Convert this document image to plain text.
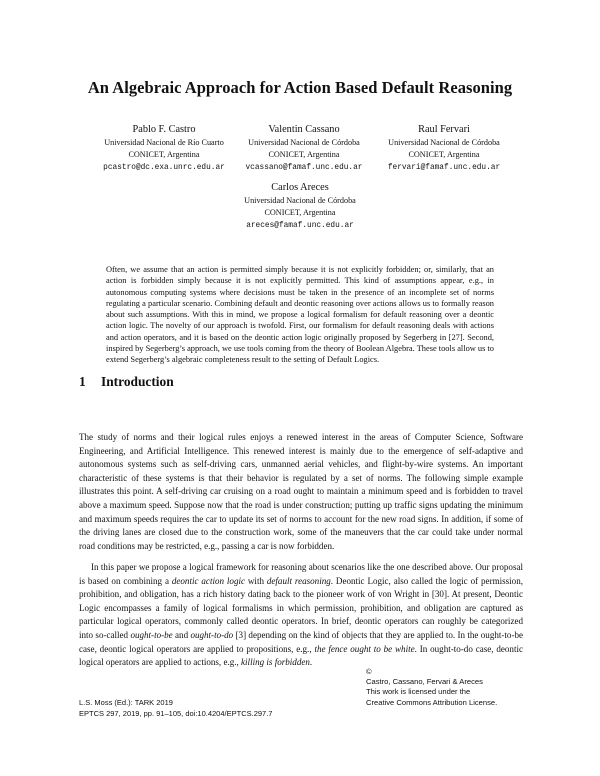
An Algebraic Approach for Action Based Default Reasoning
Pablo F. Castro
Universidad Nacional de Río Cuarto
CONICET, Argentina
pcastro@dc.exa.unrc.edu.ar
Valentin Cassano
Universidad Nacional de Córdoba
CONICET, Argentina
vcassano@famaf.unc.edu.ar
Raul Fervari
Universidad Nacional de Córdoba
CONICET, Argentina
fervari@famaf.unc.edu.ar
Carlos Areces
Universidad Nacional de Córdoba
CONICET, Argentina
areces@famaf.unc.edu.ar

Often, we assume that an action is permitted simply because it is not explicitly forbidden; or, similarly, that an action is forbidden simply because it is not explicitly permitted. This kind of assumptions appear, e.g., in autonomous computing systems where decisions must be taken in the presence of an incomplete set of norms regulating a particular scenario. Combining default and deontic reasoning over actions allows us to formally reason about such assumptions. With this in mind, we propose a logical formalism for default reasoning over a deontic action logic. The novelty of our approach is twofold. First, our formalism for default reasoning deals with actions and action operators, and it is based on the deontic action logic originally proposed by Segerberg in [27]. Second, inspired by Segerberg’s approach, we use tools coming from the theory of Boolean Algebra. These tools allow us to extend Segerberg’s algebraic completeness result to the setting of Default Logics.

1 Introduction

The study of norms and their logical rules enjoys a renewed interest in the areas of Computer Science, Software Engineering, and Artificial Intelligence. This renewed interest is mainly due to the emergence of self-adaptive and autonomous systems such as self-driving cars, unmanned aerial vehicles, and flight-by-wire systems. An important characteristic of these systems is that their behavior is regulated by a set of norms. The following simple example illustrates this point. A self-driving car cruising on a road ought to maintain a minimum speed and is forbidden to travel above a maximum speed. Suppose now that the road is under construction; putting up traffic signs updating the minimum and maximum speeds requires the car to update its set of norms to account for the new road signs. In addition, if some of the driving lanes are closed due to the construction work, some of the maneuvers that the car could take under normal road conditions may be restricted, e.g., passing a car is now forbidden.

In this paper we propose a logical framework for reasoning about scenarios like the one described above. Our proposal is based on combining a deontic action logic with default reasoning. Deontic Logic, also called the logic of permission, prohibition, and obligation, has a rich history dating back to the pioneer work of von Wright in [30]. At present, Deontic Logic encompasses a family of logical formalisms in which permission, prohibition, and obligation are captured as particular logical operators, commonly called deontic operators. In brief, deontic operators can roughly be categorized into so-called ought-to-be and ought-to-do [3] depending on the kind of objects that they are applied to. In the ought-to-be case, deontic logical operators are applied to propositions, e.g., the fence ought to be white. In ought-to-do case, deontic logical operators are applied to actions, e.g., killing is forbidden.

L.S. Moss (Ed.): TARK 2019
EPTCS 297, 2019, pp. 91–105, doi:10.4204/EPTCS.297.7
©
Castro, Cassano, Fervari & Areces
This work is licensed under the
Creative Commons Attribution License.
